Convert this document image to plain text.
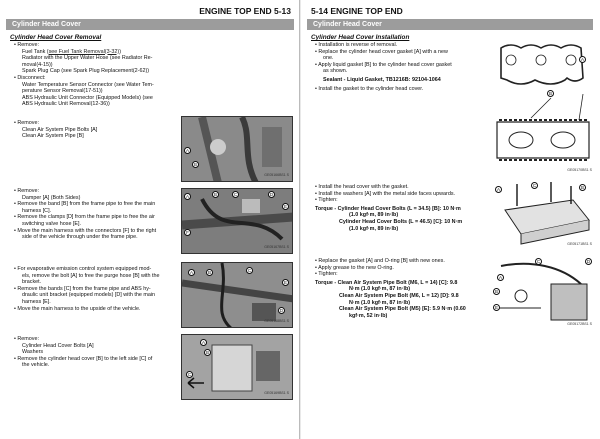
ENGINE TOP END 5-13
Cylinder Head Cover
Cylinder Head Cover Removal

• Remove:

Fuel Tank (see Fuel Tank Removal(3-32))

Radiator with the Upper Water Hose (see Radiator Re-

moval(4-15))

Spark Plug Cap (see Spark Plug Replacement(2-62))

• Disconnect:

Water Temperature Sensor Connector (see Water Tem-

perature Sensor Removal(17-51))

ABS Hydraulic Unit Connector (Equipped Models) (see

ABS Hydraulic Unit Removal(12-36))

• Remove:

Clean Air System Pipe Bolts [A]

Clean Air System Pipe [B]

• Remove:

Damper [A] (Both Sides)

• Remove the band [B] from the frame pipe to free the main

harness [C].

• Remove the clamps [D] from the frame pipe to free the air

switching valve hose [E].

• Move the main harness with the connectors [F] to the right

side of the vehicle through under the frame pipe.

• For evaporative emission control system equipped mod-

els, remove the bolt [A] to free the purge hose [B] with the

bracket.

• Remove the bands [C] from the frame pipe and ABS hy-

draulic unit bracket (equipped models) [D] with the main

harness [E].

• Move the main harness to the upside of the vehicle.

• Remove:

Cylinder Head Cover Bolts [A]

Washers

• Remove the cylinder head cover [B] to the left side [C] of

the vehicle.

A
B
GE05166BS1 S
A	B	C	D
E
F
GE05167BS1 S
A	B	C
D
E
GE05168BS1 S
A
B
C
GE05169BS1 S
5-14 ENGINE TOP END
Cylinder Head Cover
Cylinder Head Cover Installation

• Installation is reverse of removal.

• Replace the cylinder head cover gasket [A] with a new

one.

• Apply liquid gasket [B] to the cylinder head cover gasket

as shown.

Sealant - Liquid Gasket, TB1216B: 92104-1064

• Install the gasket to the cylinder head cover.

• Install the head cover with the gasket.

• Install the washers [A] with the metal side faces upwards.

• Tighten:

Torque - Cylinder Head Cover Bolts (L = 34.5) [B]: 10 N·m

(1.0 kgf·m, 89 in·lb)

Cylinder Head Cover Bolts (L = 46.5) [C]: 10 N·m

(1.0 kgf·m, 89 in·lb)

• Replace the gasket [A] and O-ring [B] with new ones.

• Apply grease to the new O-ring.

• Tighten:

Torque - Clean Air System Pipe Bolt (M6, L = 14) [C]: 9.8

N·m (1.0 kgf·m, 87 in·lb)

Clean Air System Pipe Bolt (M6, L = 12) [D]: 9.8

N·m (1.0 kgf·m, 87 in·lb)

Clean Air System Pipe Bolt (M5) [E]: 5.9 N·m (0.60

kgf·m, 52 in·lb)

A
B
GE05170BS1 S
A	B
C
GE05171BS1 S
A
B
C	D
E
GE05172BS1 S
